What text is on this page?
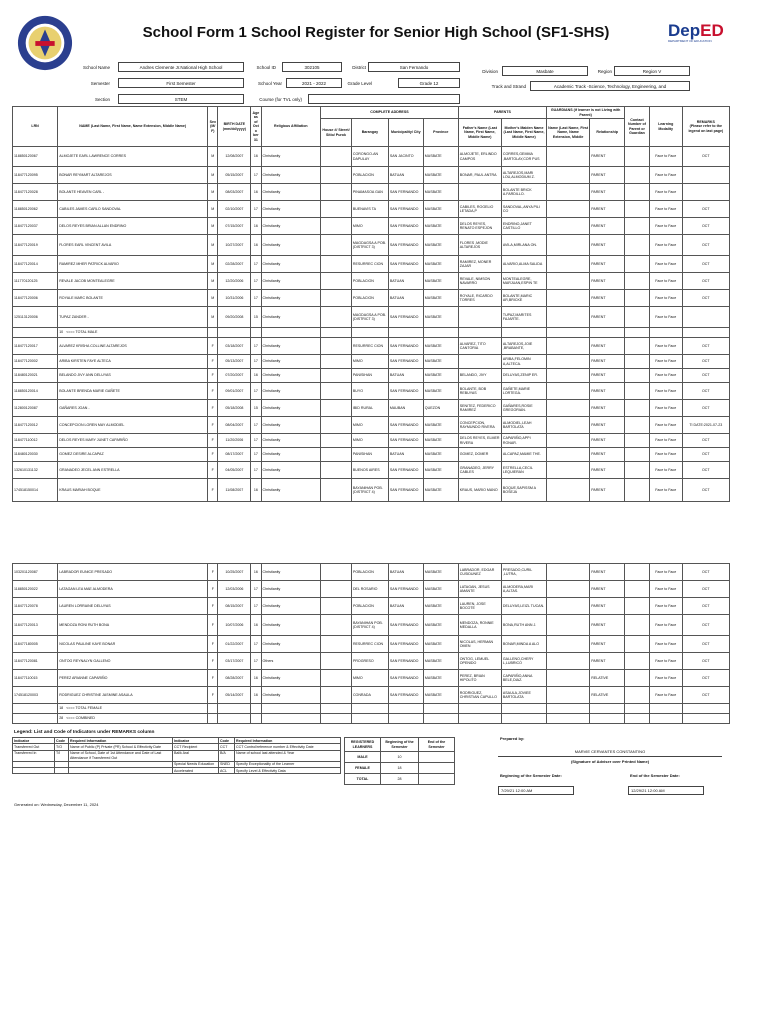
DepED
DEPARTMENT OF EDUCATION
School Form 1 School Register for Senior High School (SF1-SHS)
School Name	Andres Clemente Jr.National High School	School ID	302105	District	San Fernando
Division	Masbate	Region	Region V
Semester	First Semester	School Year	2021 - 2022	Grade Level	Grade 12
Track and Strand	Academic Track -Science, Technology, Engineering, and
Section	STEM	Course (for TVL only)
LRN	NAME (Last Name, First Name, Name Extension, Middle Name)	Sex (M/F)	BIRTH DATE (mm/dd/yyyy)	Age as of Octo ber 31	Religious Affiliation	COMPLETE ADDRESS				PARENTS		GUARDIANS (if learner is not Living with Parent)		Contact Number of Parent or Guardian	Learning Modality	REMARKS
(Please refer to the legend on last page)
						House #/ Street/ Sitio/ Purok	Barangay	Municipality/ City	Province	Father's Name (Last Name, First Name, Middle Name)	Mother's Maiden Name (Last Name, First Name, Middle Name)	Name (Last Name, First Name, Name Extension, Middle	Relationship			
118850120067	ALMOJETE EARL LAWRENCE CORRES	M	12/08/2007	16	Christianity		CORONGO-AN DAPULAY	SAN JACINTO	MASBATE	ALMOJETE, ERLINDO CAMPOS	CORRES,GEMMA ,BARTOLAY,COR PUS		PARENT		Face to Face	OCT
118477120095	BONAR REYMART ALTAREJOS	M	05/15/2007	17	Christianity		POBLACION	BATUAN	MASBATE	BONAR, PAUL ANTRA	ALTAREJOS,MARI LOU,ALMODIUM Z.		PARENT		Face to Face	
118477120028	BOLANTE HEAVEN CARL -	M	08/03/2007	16	Christianity		PINAMASOA GAN	SAN FERNANDO	MASBATE		BOLANTE BRICK A.FARDILLO.		PARENT		Face to Face	
118850120062	CABILES JAMES CARLO SANDOVAL	M	02/10/2007	17	Christianity		BUENAVIS TA	SAN FERNANDO	MASBATE	CABILES, ROGELIO LETADA,P	SANDOVAL,ANYA PILI CO		PARENT		Face to Face	OCT
118477120037	DELOS REYES BRIAN ALLAN ENDRINO	M	07/15/2007	16	Christianity		MIMO	SAN FERNANDO	MASBATE	DELOS REYES, RENATO ESPEJON	ENDRINO,JANET CASTILLO		PARENT		Face to Face	OCT
118477120019	FLORES EARL VINCENT AVILA	M	10/27/2007	16	Christianity		MAGDAGSA A POB. (DISTRICT 3)	SAN FERNANDO	MASBATE	FLORES ,MODIE ALTAREJOS	AVILA,MIRLANA ON.		PARENT		Face to Face	OCT
118477120014	RAMIREZ MHER PATRICK ALVARIO	M	02/28/2007	17	Christianity		RESURREC CION	SAN FERNANDO	MASBATE	RAMIREZ, MONER ZAJAR	ALVARIO,ALMA SALIDA		PARENT		Face to Face	OCT
111770120125	REVALE JACOB MONTEALEGRE	M	12/20/2006	17	Christianity		POBLACION	BATUAN	MASBATE	REVALE, NIMSON NAVARRO	MONTEALEGRE, MARJUAN,ESPIN TE		PARENT		Face to Face	OCT
118477120006	ROYALE MARC BOLANTE	M	10/31/2006	17	Christianity		POBLACION	BATUAN	MASBATE	ROYALE, RICARDO TORRES	BOLANTE,MARIC AR,BRICKE		PARENT		Face to Face	OCT
125113120006	TUPAZ ZANDER -	M	09/20/2008	15	Christianity		MAGDAGSA A POB. (DISTRICT 3)	SAN FERNANDO	MASBATE		TUPAZ,MARITES FAJARTE.		PARENT		Face to Face	
	10 <=== TOTAL MALE															
118477120017	ALVAREZ KRISHA COLLINE ALTAREJOS	F	03/18/2007	17	Christianity		RESURREC CION	SAN FERNANDO	MASBATE	ALVAREZ, TITO CANTORIA	ALTAREJOS,JOIE ,BRABANTE,		PARENT		Face to Face	OCT
118477120002	ARIBA KIRSTEN FAYE ALTECA	F	05/13/2007	17	Christianity		MIMO	SAN FERNANDO	MASBATE		ARIBA,FELOMIN A,ALTECA.		PARENT		Face to Face	OCT
118480120021	BELANDO JIVY ANN DELUYAS	F	07/20/2007	16	Christianity		PANISIHAN	BATUAN	MASBATE	BELANDO, JIVY	DELUYAS,ZENIP ER.		PARENT		Face to Face	OCT
118850120014	BOLANTE BRENDA MARIE GAÑETE	F	09/01/2007	17	Christianity		BUYO	SAN FERNANDO	MASBATE	BOLANTE, BOB REBUYAS	GAÑETE,MARIE LORTEGA.		PARENT		Face to Face	OCT
112800120087	GAÑARES JOAN -	F	05/18/2008	15	Christianity		IBID RURAL	MAUBAN	QUEZON	SENITEZ, FEDERICO RAMIREZ	GAÑARES,ROSIE GREGORIAN.		PARENT		Face to Face	OCT
118477120012	CONCEPCION LOREN MAY ALMODIEL	F	08/04/2007	17	Christianity		MIMO	SAN FERNANDO	MASBATE	CONCEPCION, RAYMUNDO RIVERA	ALMODIEL,LEAH BARTOLATA		PARENT		Face to Face	TI DATE:2021-07-23
118477110012	DELOS REYES MARY JUNET CAPARIÑO	F	11/20/2006	17	Christianity		MIMO	SAN FERNANDO	MASBATE	DELOS REYES, ELMER RIVERA	CAPARIÑO,APPI RONAR.		PARENT		Face to Face	OCT
118480120030	GOMEZ DESIRE ALCAPAZ	F	08/17/2007	17	Christianity		PANISIHAN	BATUAN	MASBATE	GOMEZ, DOMER	ALCAPAZ,MAMIE THE.		PARENT		Face to Face	OCT
132610131132	GRANADEO JECEL ANN ESTRELLA	F	04/05/2007	17	Christianity		BUENOS AIRES	SAN FERNANDO	MASBATE	GRANADEO, JERRY CABLES	ESTRELLA,CECIL LEQUIERAN		PARENT		Face to Face	OCT
174518150014	KRAUS MARIAH BOQUE	F	11/08/2007	16	Christianity		BAYANIHAN POB. (DISTRICT 4)	SAN FERNANDO	MASBATE	KRAUS, MARIO MANO	BOQUE,SAPISSM A BOSEJA		PARENT		Face to Face	OCT
103201120087	LABRADOR EUNICE PRESADO	F	10/25/2007	16	Christianity		POBLACION	BATUAN	MASBATE	LABRADOR, EDGAR CUSIDUNEZ	PRESADO,CURIL ,LUTRA,		PARENT		Face to Face	OCT
118850120022	LATAGAN LEA MAE ALMODERA	F	12/03/2006	17	Christianity		DEL ROSARIO	SAN FERNANDO	MASBATE	LATAGAN, JESUS AMANTE	ALMODERA,MARI A,ALTAS.		PARENT		Face to Face	OCT
118477120078	LAUREN LORRAINE DELUYAS	F	08/15/2007	17	Christianity		POBLACION	BATUAN	MASBATE	LAUREN, JOSE BOCOTE	DELUYAS,LEIZL TUCAN.		PARENT		Face to Face	OCT
118477120013	MENDOZA RONI RUTH BONA	F	10/07/2006	16	Christianity		BAYANIHAN POB. (DISTRICT 4)	SAN FERNANDO	MASBATE	MENDOZA, RONNIE MEDALLA	BONA,RUTH ANN J.		PARENT		Face to Face	OCT
118477180005	NICOLAS PAULINE KAYE BONAR	F	01/22/2007	17	Christianity		RESURREC CION	SAN FERNANDO	MASBATE	NICOLAS, HERMAN OMEN	BONAR,MINDA A ALO		PARENT		Face to Face	OCT
118477120081	ONTOG REYNALYN GALLENO	F	03/17/2007	17	Others		PROGRESO	SAN FERNANDO	MASBATE	ONTOG, LEMUEL OPENIDO	GALLENO,CHERY L,LUBRICO		PARENT		Face to Face	OCT
118477110015	PEREZ ARIANNE CAPARIÑO	F	08/28/2007	16	Christianity		MIMO	SAN FERNANDO	MASBATE	PEREZ, BRIAN HIPOLITO	CAPARIÑO,ANNA BELE,DIAZ.		RELATIVE		Face to Face	OCT
174518120003	RODRIGUEZ CHRISTINE JASMINE ASAULA	F	05/14/2007	16	Christianity		CONRADA	SAN FERNANDO	MASBATE	RODRIGUEZ, CHRISTIAN CAPULLO	ASAULA,JOVIEE BARTOLATA		RELATIVE		Face to Face	OCT
	18 <=== TOTAL FEMALE															
	28 <=== COMBINED															
Legend: List and Code of Indicators under REMARKS column
Indicator	Code	Required Information	Indicator	Code	Required Information
Transferred Out	T/O	Name of Public (P) Private (PR) School & Effectivity Date	CCT Recipient	CCT	CCT Control/reference number & Effectivity Date
Transferred In	T/I	Name of School, Date of 1st Attendance and Date of Last Attendance if Transferred Out	Balik Aral	B/A	Name of school last attended & Year
			Special Needs Education	SNED	Specify Exceptionality of the Learner
			Accelerated	ACL	Specify Level & Effectivity Data
REGISTERED LEARNERS	Beginning of the Semester	End of the Semester
MALE	10	
FEMALE	18	
TOTAL	28	
Prepared by:
MARVIE CERVANTES CONSTANTINO
(Signature of Adviser over Printed Name)
Beginning of the Semester Date:
7/29/21 12:00 AM
End of the Semester Date:
12/29/21 12:00 AM
Generated on: Wednesday, December 11, 2024
